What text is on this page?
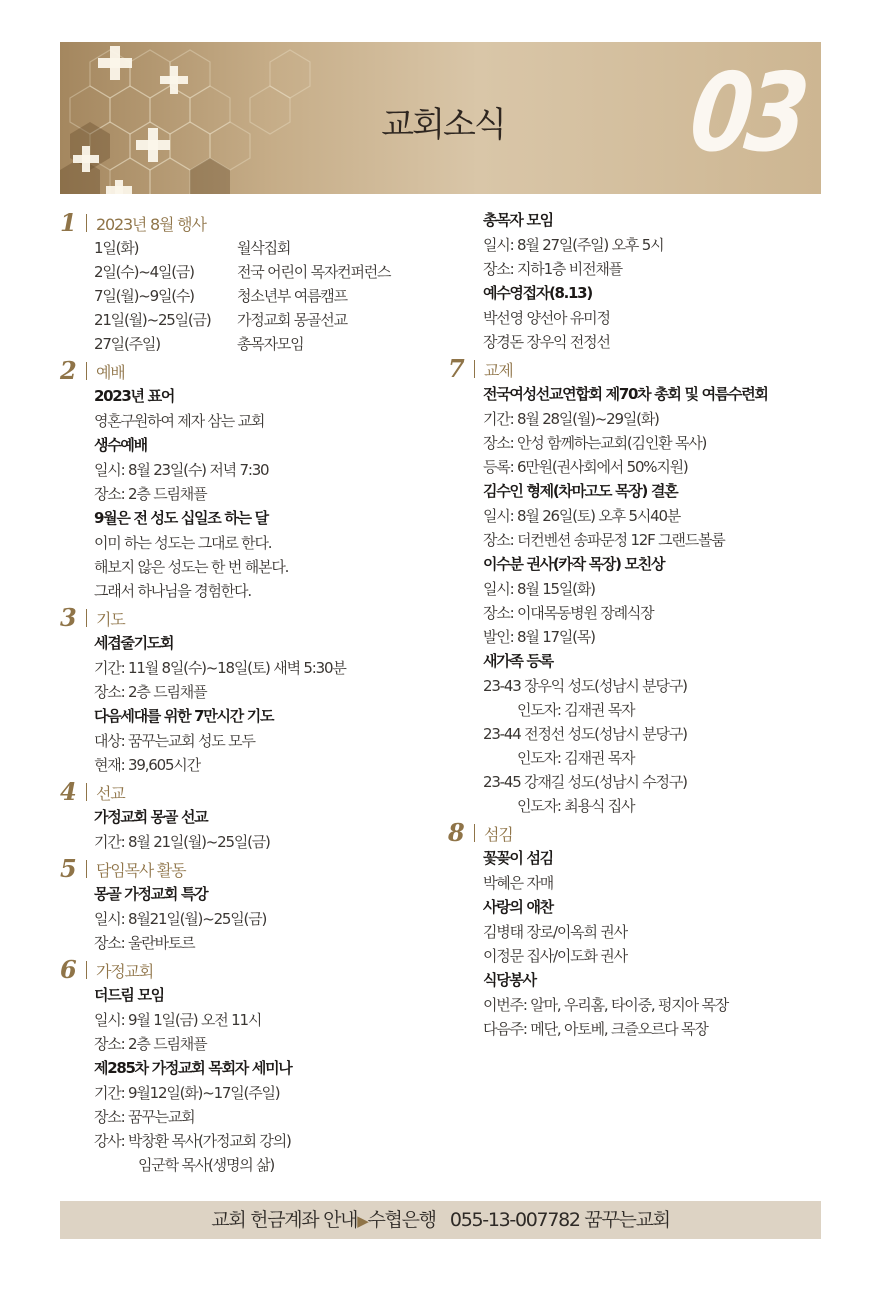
교회소식 03
1	2023년 8월 행사
1일(화)	월삭집회
2일(수)~4일(금)	전국 어린이 목자컨퍼런스
7일(월)~9일(수)	청소년부 여름캠프
21일(월)~25일(금)	가정교회 몽골선교
27일(주일)	총목자모임
2	예배
2023년 표어
영혼구원하여 제자 삼는 교회
생수예배
일시: 8월 23일(수) 저녁 7:30
장소: 2층 드림채플
9월은 전 성도 십일조 하는 달
이미 하는 성도는 그대로 한다.
해보지 않은 성도는 한 번 해본다.
그래서 하나님을 경험한다.
3	기도
세겹줄기도회
기간: 11월 8일(수)~18일(토) 새벽 5:30분
장소: 2층 드림채플
다음세대를 위한 7만시간 기도
대상: 꿈꾸는교회 성도 모두
현재: 39,605시간
4	선교
가정교회 몽골 선교
기간: 8월 21일(월)~25일(금)
5	담임목사 활동
몽골 가정교회 특강
일시: 8월21일(월)~25일(금)
장소: 울란바토르
6	가정교회
더드림 모임
일시: 9월 1일(금) 오전 11시
장소: 2층 드림채플
제285차 가정교회 목회자 세미나
기간: 9월12일(화)~17일(주일)
장소: 꿈꾸는교회
강사: 박창환 목사(가정교회 강의)
임군학 목사(생명의 삶)
총목자 모임
일시: 8월 27일(주일) 오후 5시
장소: 지하1층 비전채플
예수영접자(8.13)
박선영 양선아 유미정
장경돈 장우익 전정선
7	교제
전국여성선교연합회 제70차 총회 및 여름수련회
기간: 8월 28일(월)~29일(화)
장소: 안성 함께하는교회(김인환 목사)
등록: 6만원(권사회에서 50%지원)
김수인 형제(차마고도 목장) 결혼
일시: 8월 26일(토) 오후 5시40분
장소: 더컨벤션 송파문정 12F 그랜드볼룸
이수분 권사(카작 목장) 모친상
일시: 8월 15일(화)
장소: 이대목동병원 장례식장
발인: 8월 17일(목)
새가족 등록
23-43 장우익 성도(성남시 분당구)
인도자: 김재권 목자
23-44 전정선 성도(성남시 분당구)
인도자: 김재권 목자
23-45 강재길 성도(성남시 수정구)
인도자: 최용식 집사
8	섬김
꽃꽂이 섬김
박혜은 자매
사랑의 애찬
김병태 장로/이옥희 권사
이정문 집사/이도화 권사
식당봉사
이번주: 알마, 우리홈, 타이중, 펑지아 목장
다음주: 메단, 아토베, 크즐오르다 목장
교회 헌금계좌 안내▶수협은행   055-13-007782 꿈꾸는교회
